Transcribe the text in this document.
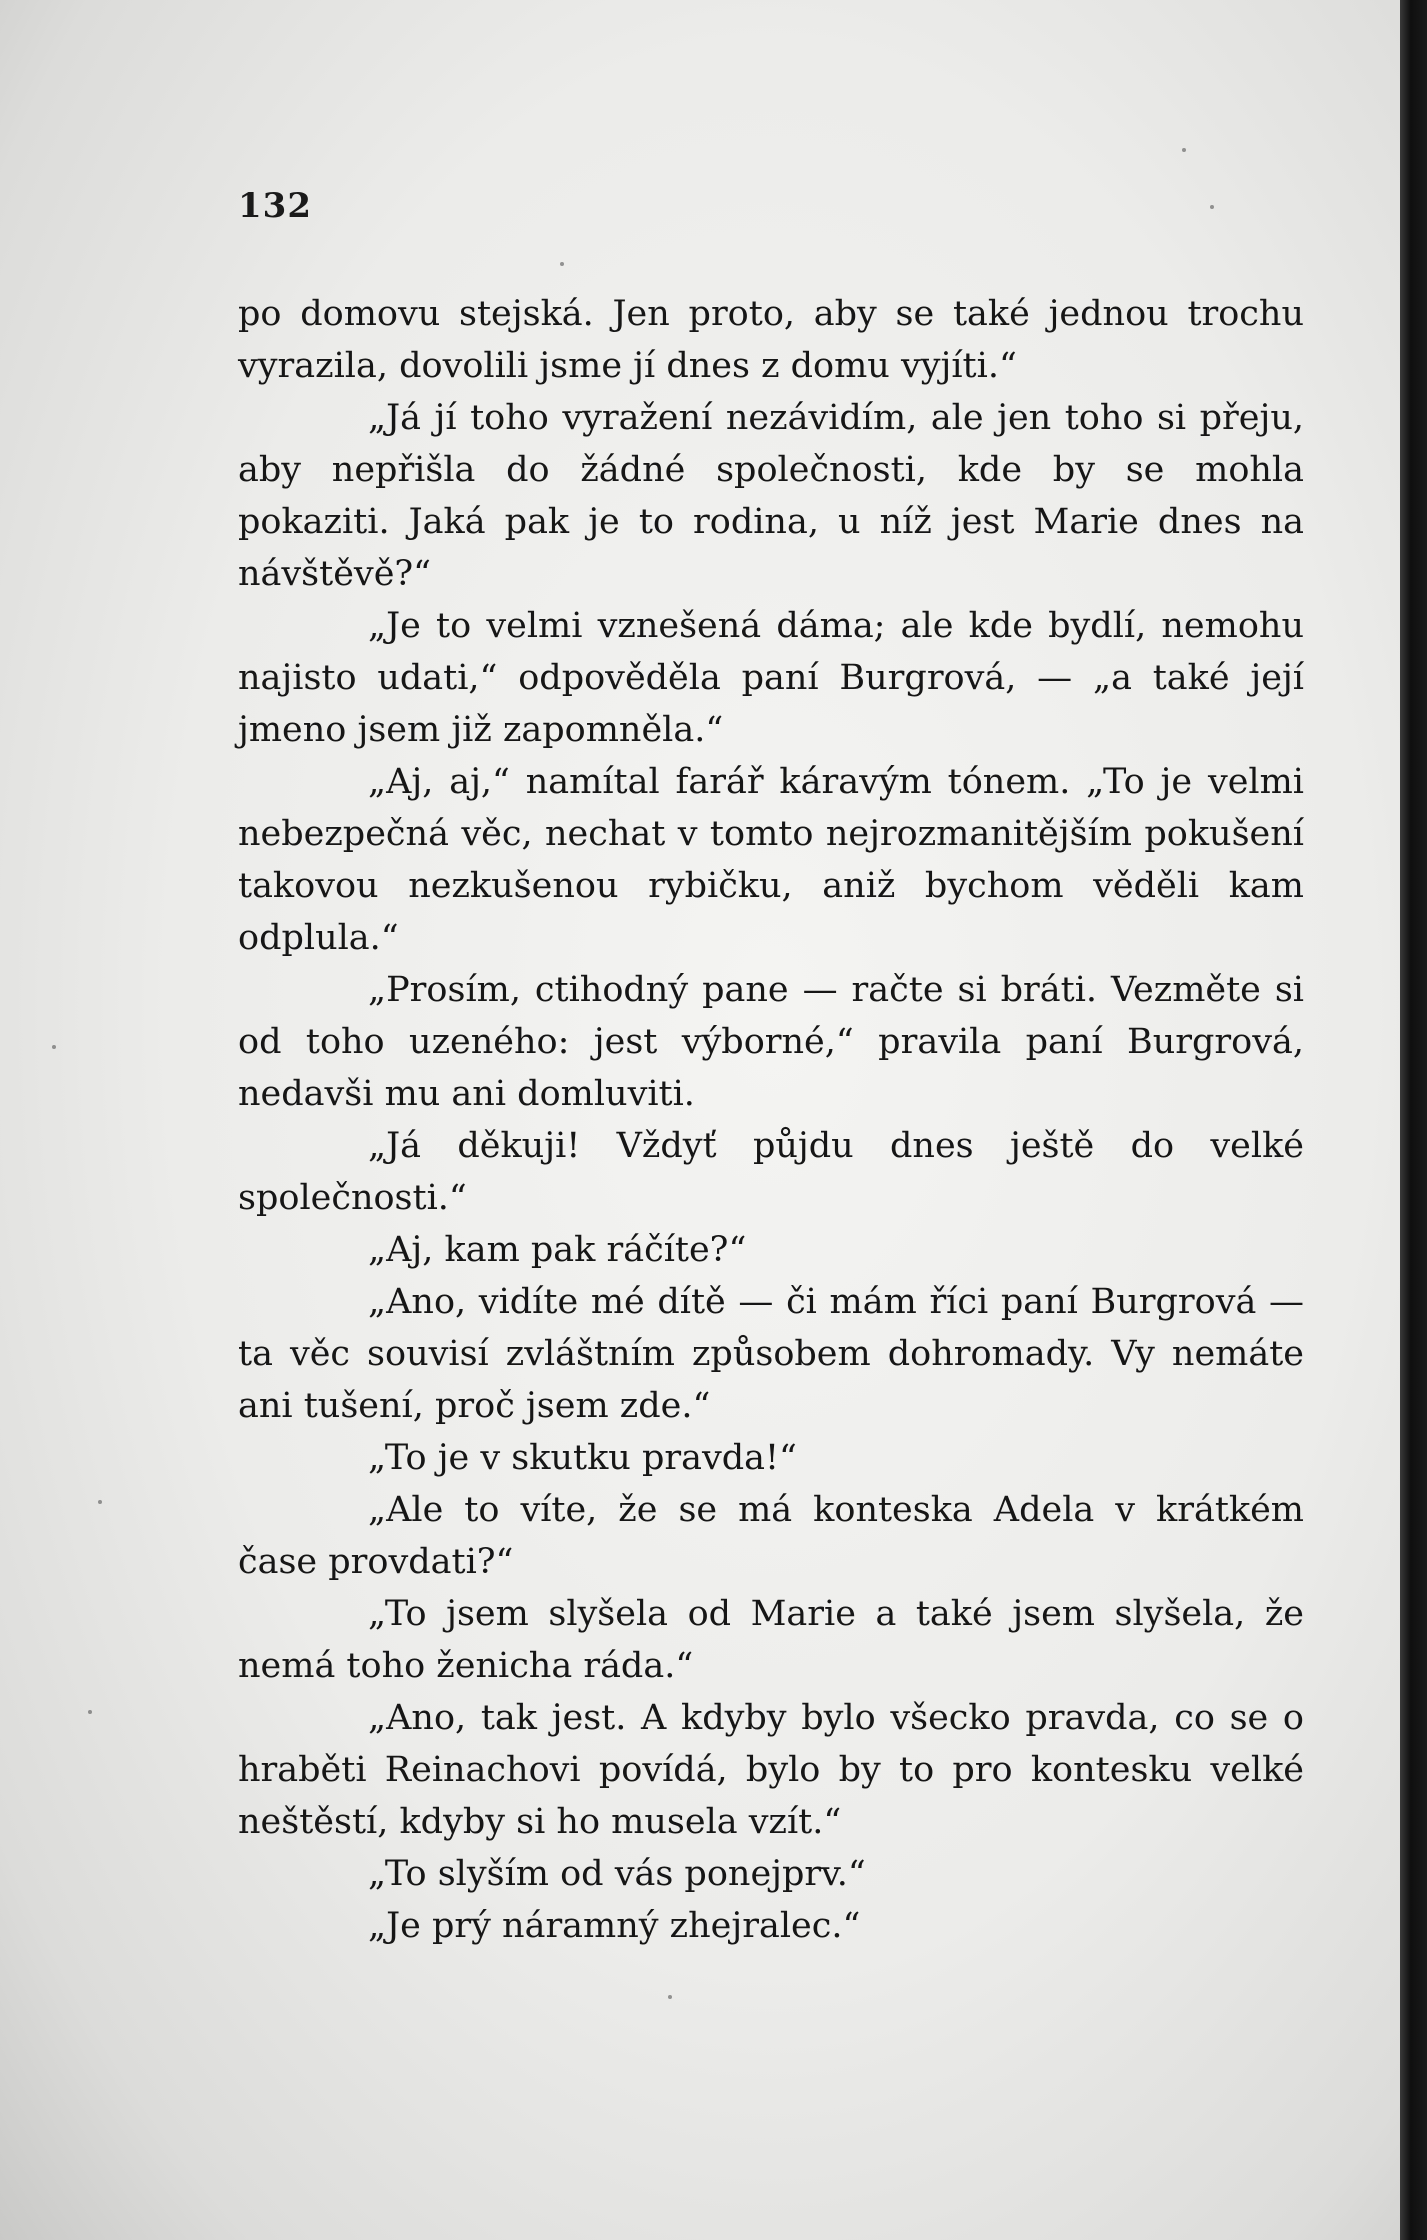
132

po domovu stejská. Jen proto, aby se také jednou trochu vyrazila, dovolili jsme jí dnes z domu vyjíti.“

„Já jí toho vyražení nezávidím, ale jen toho si přeju, aby nepřišla do žádné společnosti, kde by se mohla pokaziti. Jaká pak je to rodina, u níž jest Marie dnes na návštěvě?“

„Je to velmi vznešená dáma; ale kde bydlí, nemohu najisto udati,“ odpověděla paní Burgrová, — „a také její jmeno jsem již zapomněla.“

„Aj, aj,“ namítal farář káravým tónem. „To je velmi nebezpečná věc, nechat v tomto nejrozmanitějším pokušení takovou nezkušenou rybičku, aniž bychom věděli kam odplula.“

„Prosím, ctihodný pane — račte si bráti. Vezměte si od toho uzeného: jest výborné,“ pravila paní Burgrová, nedavši mu ani domluviti.

„Já děkuji! Vždyť půjdu dnes ještě do velké společnosti.“

„Aj, kam pak ráčíte?“

„Ano, vidíte mé dítě — či mám říci paní Burgrová — ta věc souvisí zvláštním způsobem dohromady. Vy nemáte ani tušení, proč jsem zde.“

„To je v skutku pravda!“

„Ale to víte, že se má konteska Adela v krátkém čase provdati?“

„To jsem slyšela od Marie a také jsem slyšela, že nemá toho ženicha ráda.“

„Ano, tak jest. A kdyby bylo všecko pravda, co se o hraběti Reinachovi povídá, bylo by to pro kontesku velké neštěstí, kdyby si ho musela vzít.“

„To slyším od vás ponejprv.“

„Je prý náramný zhejralec.“
